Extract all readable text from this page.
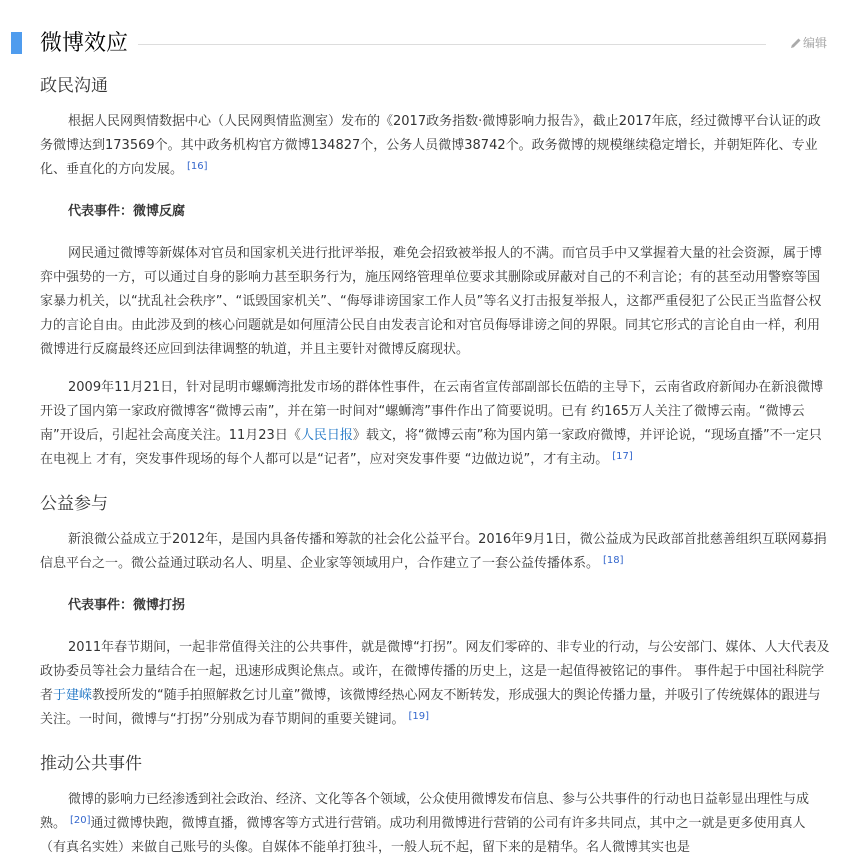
微博效应	编辑
政民沟通

根据人民网舆情数据中心（人民网舆情监测室）发布的《2017政务指数·微博影响力报告》，截止2017年底，经过微博平台认证的政务微博达到173569个。其中政务机构官方微博134827个，公务人员微博38742个。政务微博的规模继续稳定增长，并朝矩阵化、专业化、垂直化的方向发展。 [16]

代表事件：微博反腐

网民通过微博等新媒体对官员和国家机关进行批评举报，难免会招致被举报人的不满。而官员手中又掌握着大量的社会资源，属于博弈中强势的一方，可以通过自身的影响力甚至职务行为，施压网络管理单位要求其删除或屏蔽对自己的不利言论；有的甚至动用警察等国家暴力机关，以“扰乱社会秩序”、“诋毁国家机关”、“侮辱诽谤国家工作人员”等名义打击报复举报人，这都严重侵犯了公民正当监督公权力的言论自由。由此涉及到的核心问题就是如何厘清公民自由发表言论和对官员侮辱诽谤之间的界限。同其它形式的言论自由一样，利用微博进行反腐最终还应回到法律调整的轨道，并且主要针对微博反腐现状。

2009年11月21日，针对昆明市螺蛳湾批发市场的群体性事件，在云南省宣传部副部长伍皓的主导下，云南省政府新闻办在新浪微博开设了国内第一家政府微博客“微博云南”，并在第一时间对“螺蛳湾”事件作出了简要说明。已有 约165万人关注了微博云南。“微博云南”开设后，引起社会高度关注。11月23日《人民日报》载文，将“微博云南”称为国内第一家政府微博，并评论说，“现场直播”不一定只在电视上 才有，突发事件现场的每个人都可以是“记者”，应对突发事件要 “边做边说”，才有主动。 [17]

公益参与

新浪微公益成立于2012年，是国内具备传播和筹款的社会化公益平台。2016年9月1日，微公益成为民政部首批慈善组织互联网募捐信息平台之一。微公益通过联动名人、明星、企业家等领域用户，合作建立了一套公益传播体系。 [18]

代表事件：微博打拐

2011年春节期间，一起非常值得关注的公共事件，就是微博“打拐”。网友们零碎的、非专业的行动，与公安部门、媒体、人大代表及政协委员等社会力量结合在一起，迅速形成舆论焦点。或许，在微博传播的历史上，这是一起值得被铭记的事件。 事件起于中国社科院学者于建嵘教授所发的“随手拍照解救乞讨儿童”微博，该微博经热心网友不断转发，形成强大的舆论传播力量，并吸引了传统媒体的跟进与关注。一时间，微博与“打拐”分别成为春节期间的重要关键词。 [19]

推动公共事件

微博的影响力已经渗透到社会政治、经济、文化等各个领域，公众使用微博发布信息、参与公共事件的行动也日益彰显出理性与成熟。 [20]通过微博快跑，微博直播，微博客等方式进行营销。成功利用微博进行营销的公司有许多共同点，其中之一就是更多使用真人（有真名实姓）来做自己账号的头像。自媒体不能单打独斗，一般人玩不起，留下来的是精华。名人微博其实也是
